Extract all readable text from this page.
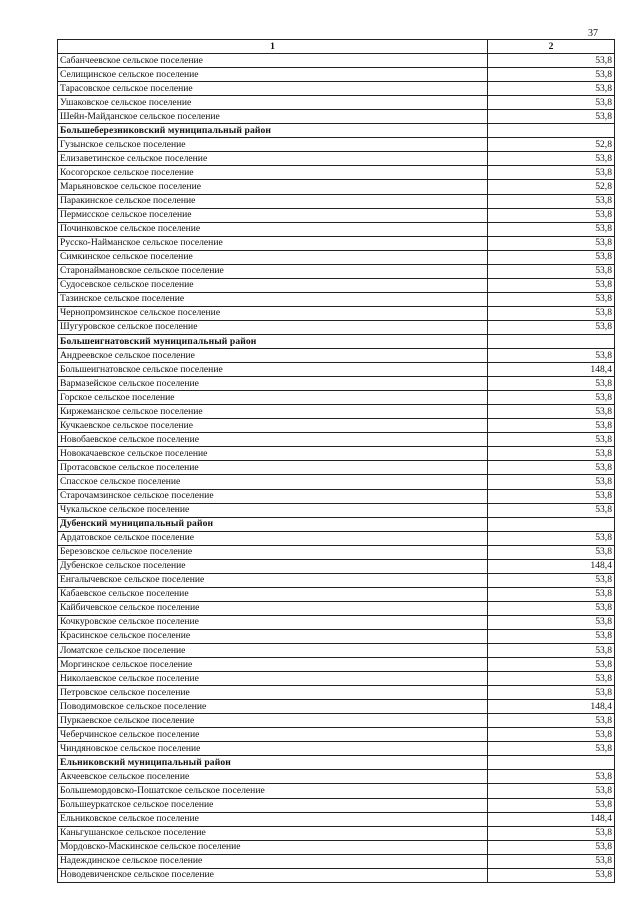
37
1	2
Сабанчеевское сельское поселение	53,8
Селищинское сельское поселение	53,8
Тарасовское сельское поселение	53,8
Ушаковское сельское поселение	53,8
Шейн-Майданское сельское поселение	53,8
Большеберезниковский муниципальный район	
Гузынское сельское поселение	52,8
Елизаветинское сельское поселение	53,8
Косогорское сельское поселение	53,8
Марьяновское сельское поселение	52,8
Паракинское сельское поселение	53,8
Пермисское сельское поселение	53,8
Починковское сельское поселение	53,8
Русско-Найманское сельское поселение	53,8
Симкинское сельское поселение	53,8
Старонаймановское сельское поселение	53,8
Судосевское сельское поселение	53,8
Тазинское сельское поселение	53,8
Чернопромзинское сельское поселение	53,8
Шугуровское сельское поселение	53,8
Большеигнатовский муниципальный район	
Андреевское сельское поселение	53,8
Большеигнатовское сельское поселение	148,4
Вармазейское сельское поселение	53,8
Горское сельское поселение	53,8
Киржеманское сельское поселение	53,8
Кучкаевское сельское поселение	53,8
Новобаевское сельское поселение	53,8
Новокачаевское сельское поселение	53,8
Протасовское сельское поселение	53,8
Спасское сельское поселение	53,8
Старочамзинское сельское поселение	53,8
Чукальское сельское поселение	53,8
Дубенский муниципальный район	
Ардатовское сельское поселение	53,8
Березовское сельское поселение	53,8
Дубенское сельское поселение	148,4
Енгалычевское сельское поселение	53,8
Кабаевское сельское поселение	53,8
Кайбичевское сельское поселение	53,8
Кочкуровское сельское поселение	53,8
Красинское сельское поселение	53,8
Ломатское сельское поселение	53,8
Моргинское сельское поселение	53,8
Николаевское сельское поселение	53,8
Петровское сельское поселение	53,8
Поводимовское сельское поселение	148,4
Пуркаевское сельское поселение	53,8
Чеберчинское сельское поселение	53,8
Чиндяновское сельское поселение	53,8
Ельниковский муниципальный район	
Акчеевское сельское поселение	53,8
Большемордовско-Пошатское сельское поселение	53,8
Большеуркатское сельское поселение	53,8
Ельниковское сельское поселение	148,4
Каньгушанское сельское поселение	53,8
Мордовско-Маскинское сельское поселение	53,8
Надеждинское сельское поселение	53,8
Новодевиченское сельское поселение	53,8
